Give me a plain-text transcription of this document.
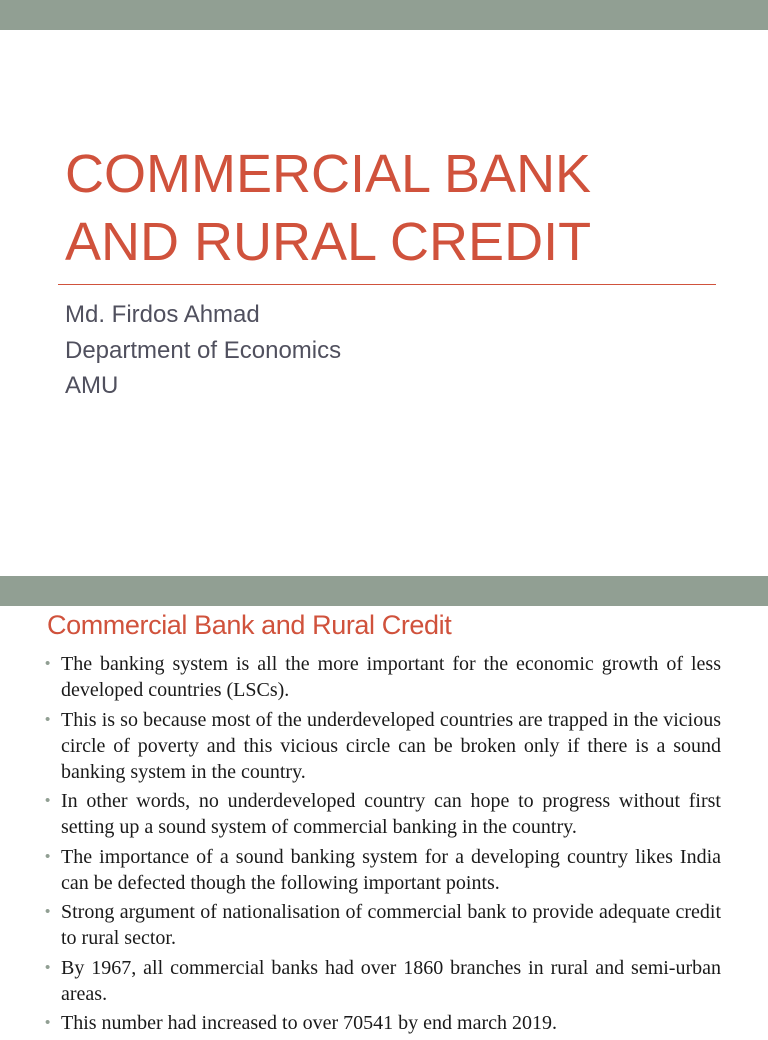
COMMERCIAL BANK
AND RURAL CREDIT
Md. Firdos Ahmad
Department of Economics
AMU
Commercial Bank and Rural Credit
• The banking system is all the more important for the economic growth of less developed countries (LSCs).
• This is so because most of the underdeveloped countries are trapped in the vicious circle of poverty and this vicious circle can be broken only if there is a sound banking system in the country.
• In other words, no underdeveloped country can hope to progress without first setting up a sound system of commercial banking in the country.
• The importance of a sound banking system for a developing country likes India can be defected though the following important points.
• Strong argument of nationalisation of commercial bank to provide adequate credit to rural sector.
• By 1967, all commercial banks had over 1860 branches in rural and semi-urban areas.
• This number had increased to over 70541 by end march 2019.
